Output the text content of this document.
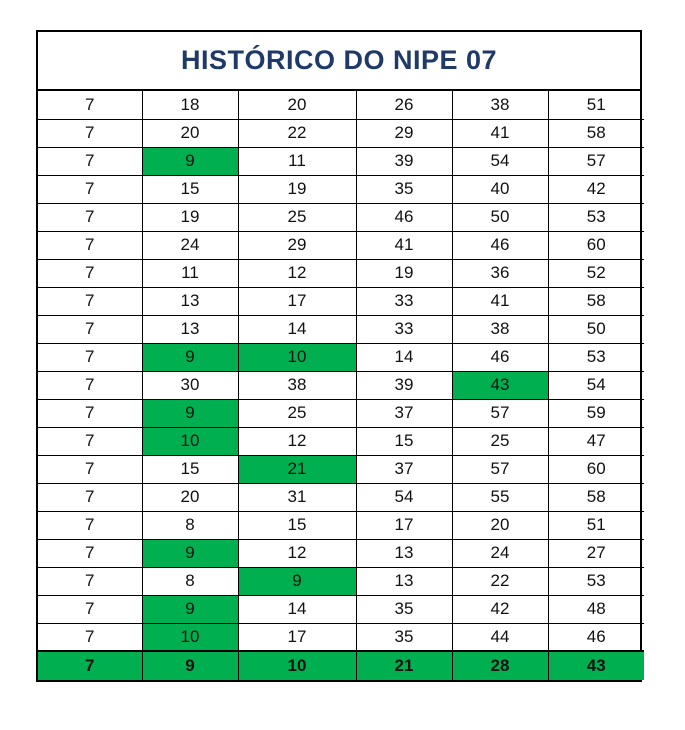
HISTÓRICO DO NIPE 07
7	18	20	26	38	51
7	20	22	29	41	58
7	9	11	39	54	57
7	15	19	35	40	42
7	19	25	46	50	53
7	24	29	41	46	60
7	11	12	19	36	52
7	13	17	33	41	58
7	13	14	33	38	50
7	9	10	14	46	53
7	30	38	39	43	54
7	9	25	37	57	59
7	10	12	15	25	47
7	15	21	37	57	60
7	20	31	54	55	58
7	8	15	17	20	51
7	9	12	13	24	27
7	8	9	13	22	53
7	9	14	35	42	48
7	10	17	35	44	46
7	9	10	21	28	43
